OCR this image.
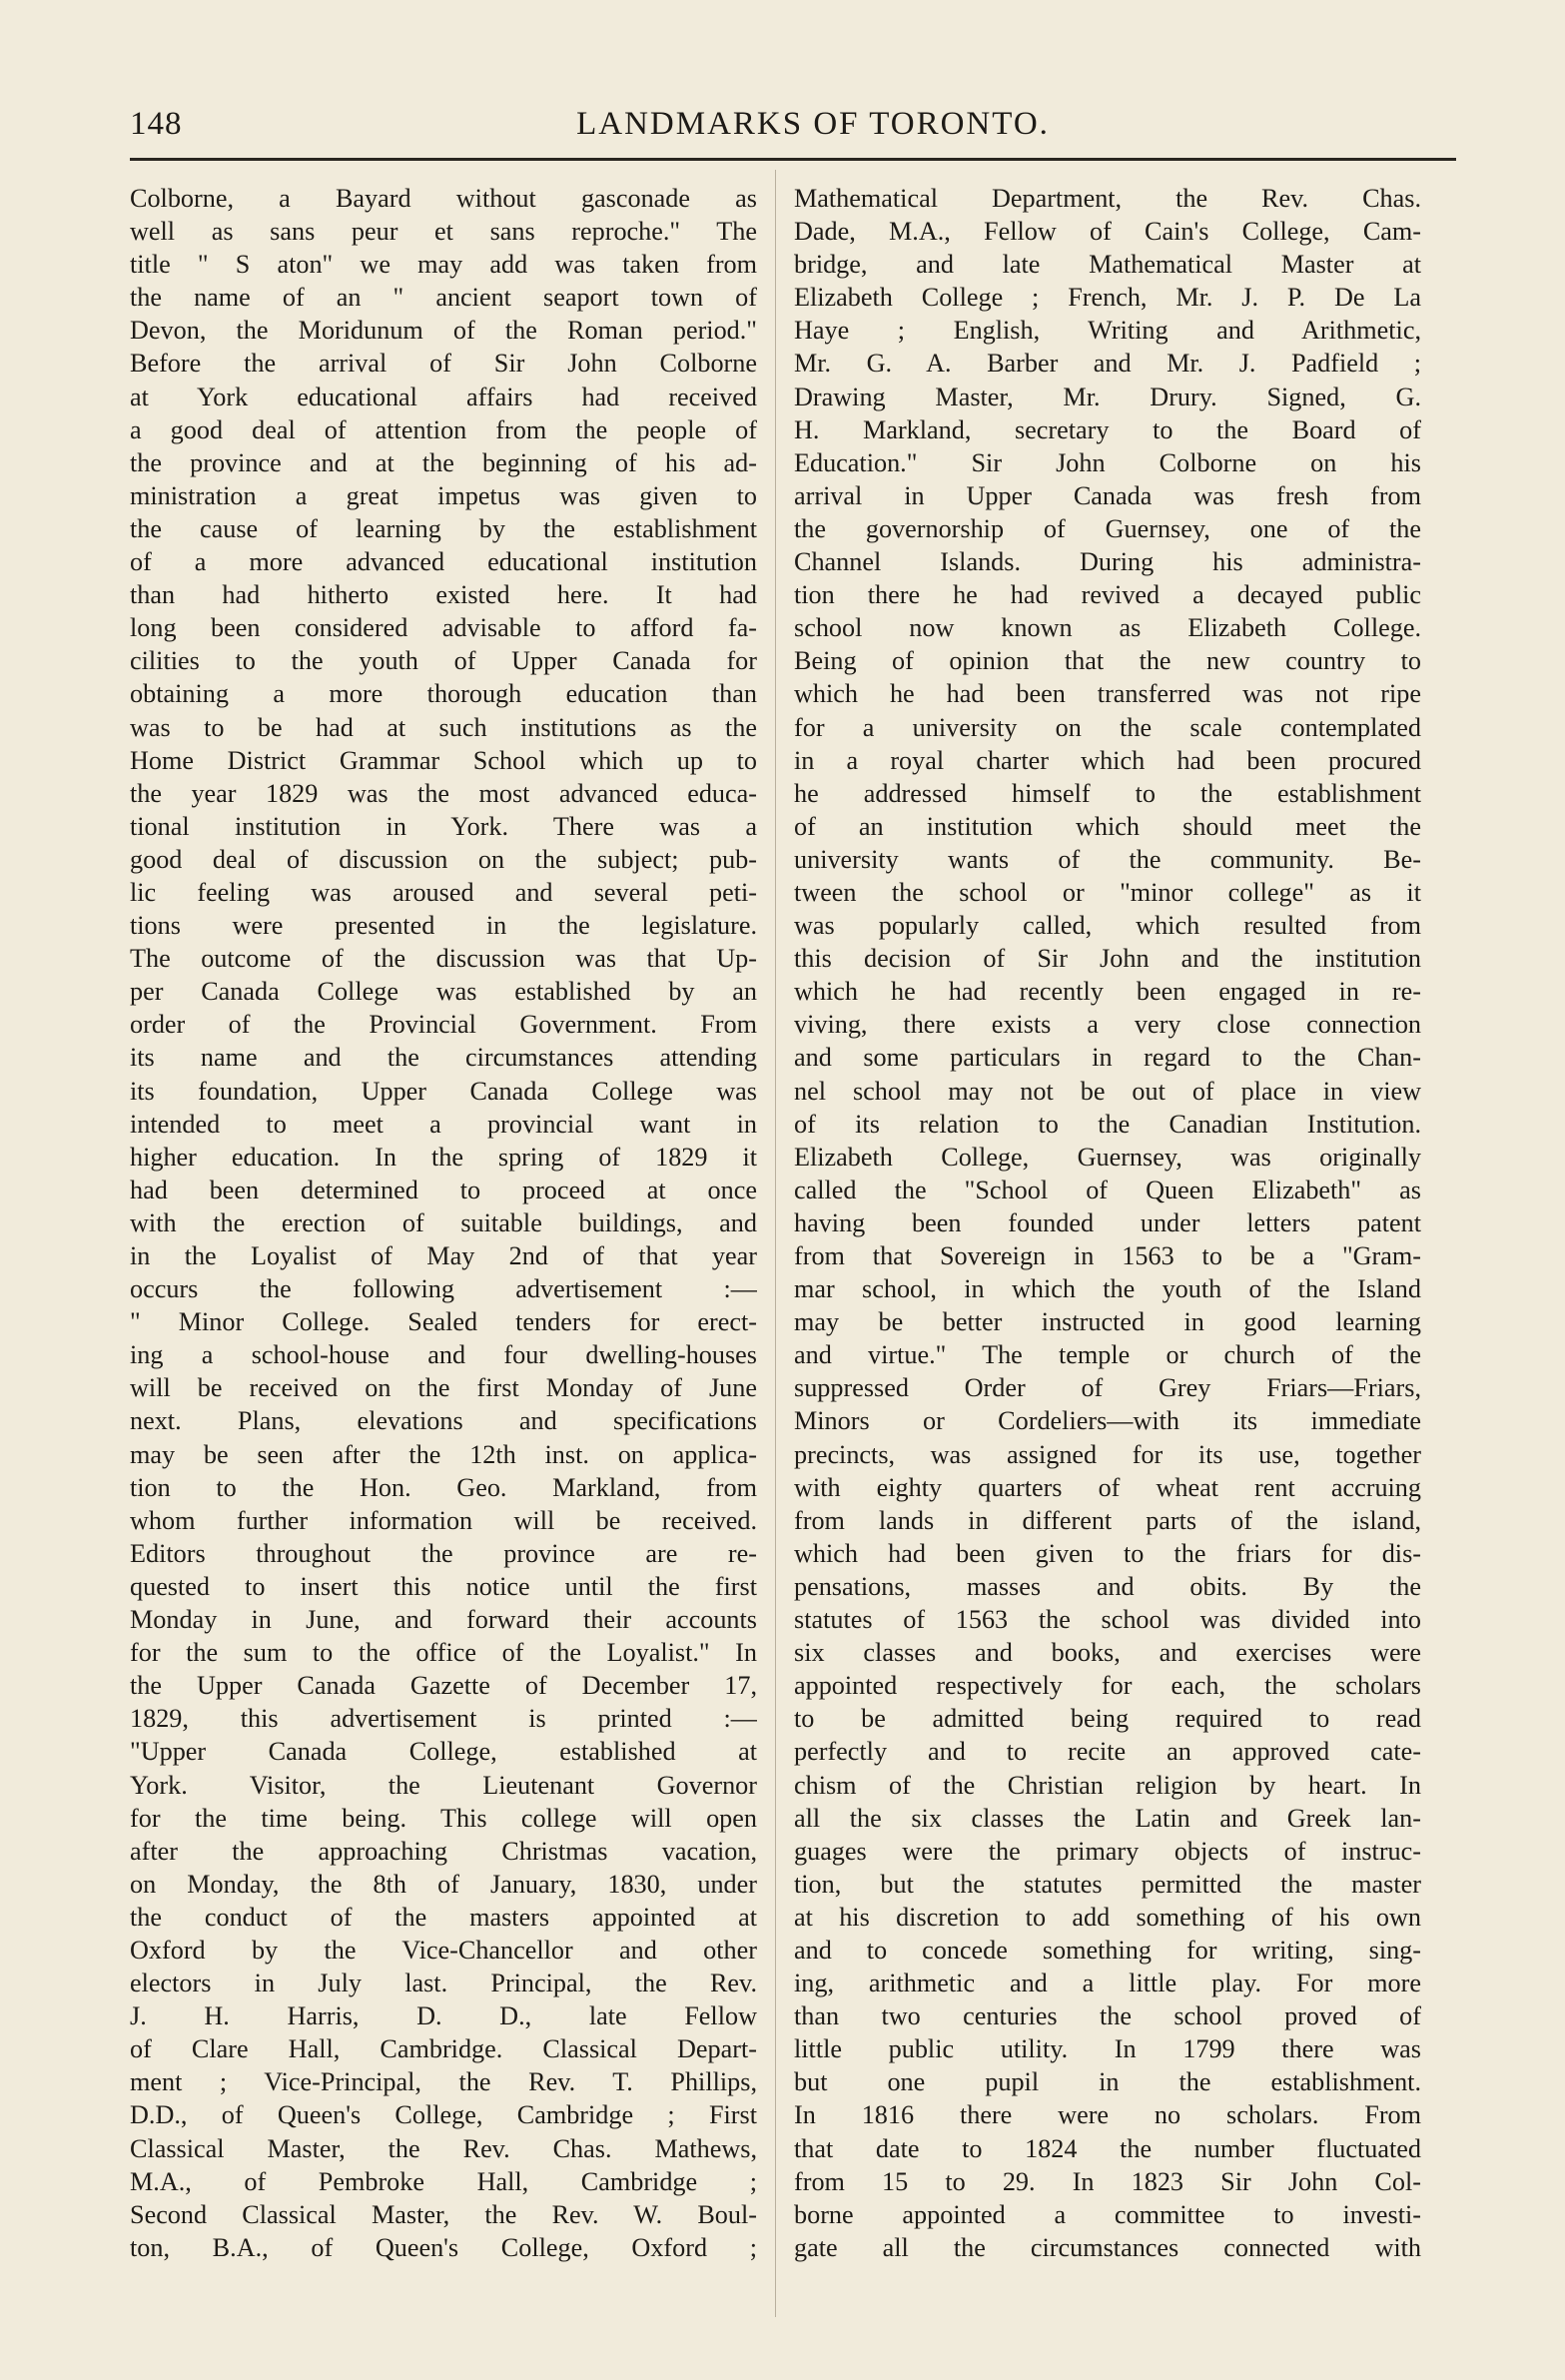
148	LANDMARKS OF TORONTO.
Colborne, a Bayard without gasconade as
well as sans peur et sans reproche." The
title " S aton" we may add was taken from
the name of an " ancient seaport town of
Devon, the Moridunum of the Roman period."
Before the arrival of Sir John Colborne
at York educational affairs had received
a good deal of attention from the people of
the province and at the beginning of his ad-
ministration a great impetus was given to
the cause of learning by the establishment
of a more advanced educational institution
than had hitherto existed here. It had
long been considered advisable to afford fa-
cilities to the youth of Upper Canada for
obtaining a more thorough education than
was to be had at such institutions as the
Home District Grammar School which up to
the year 1829 was the most advanced educa-
tional institution in York. There was a
good deal of discussion on the subject; pub-
lic feeling was aroused and several peti-
tions were presented in the legislature.
The outcome of the discussion was that Up-
per Canada College was established by an
order of the Provincial Government. From
its name and the circumstances attending
its foundation, Upper Canada College was
intended to meet a provincial want in
higher education. In the spring of 1829 it
had been determined to proceed at once
with the erection of suitable buildings, and
in the Loyalist of May 2nd of that year
occurs the following advertisement :—
" Minor College. Sealed tenders for erect-
ing a school-house and four dwelling-houses
will be received on the first Monday of June
next. Plans, elevations and specifications
may be seen after the 12th inst. on applica-
tion to the Hon. Geo. Markland, from
whom further information will be received.
Editors throughout the province are re-
quested to insert this notice until the first
Monday in June, and forward their accounts
for the sum to the office of the Loyalist." In
the Upper Canada Gazette of December 17,
1829, this advertisement is printed :—
"Upper Canada College, established at
York. Visitor, the Lieutenant Governor
for the time being. This college will open
after the approaching Christmas vacation,
on Monday, the 8th of January, 1830, under
the conduct of the masters appointed at
Oxford by the Vice-Chancellor and other
electors in July last. Principal, the Rev.
J. H. Harris, D. D., late Fellow
of Clare Hall, Cambridge. Classical Depart-
ment ; Vice-Principal, the Rev. T. Phillips,
D.D., of Queen's College, Cambridge ; First
Classical Master, the Rev. Chas. Mathews,
M.A., of Pembroke Hall, Cambridge ;
Second Classical Master, the Rev. W. Boul-
ton, B.A., of Queen's College, Oxford ;
Mathematical Department, the Rev. Chas.
Dade, M.A., Fellow of Cain's College, Cam-
bridge, and late Mathematical Master at
Elizabeth College ; French, Mr. J. P. De La
Haye ; English, Writing and Arithmetic,
Mr. G. A. Barber and Mr. J. Padfield ;
Drawing Master, Mr. Drury. Signed, G.
H. Markland, secretary to the Board of
Education." Sir John Colborne on his
arrival in Upper Canada was fresh from
the governorship of Guernsey, one of the
Channel Islands. During his administra-
tion there he had revived a decayed public
school now known as Elizabeth College.
Being of opinion that the new country to
which he had been transferred was not ripe
for a university on the scale contemplated
in a royal charter which had been procured
he addressed himself to the establishment
of an institution which should meet the
university wants of the community. Be-
tween the school or "minor college" as it
was popularly called, which resulted from
this decision of Sir John and the institution
which he had recently been engaged in re-
viving, there exists a very close connection
and some particulars in regard to the Chan-
nel school may not be out of place in view
of its relation to the Canadian Institution.
Elizabeth College, Guernsey, was originally
called the "School of Queen Elizabeth" as
having been founded under letters patent
from that Sovereign in 1563 to be a "Gram-
mar school, in which the youth of the Island
may be better instructed in good learning
and virtue." The temple or church of the
suppressed Order of Grey Friars—Friars,
Minors or Cordeliers—with its immediate
precincts, was assigned for its use, together
with eighty quarters of wheat rent accruing
from lands in different parts of the island,
which had been given to the friars for dis-
pensations, masses and obits. By the
statutes of 1563 the school was divided into
six classes and books, and exercises were
appointed respectively for each, the scholars
to be admitted being required to read
perfectly and to recite an approved cate-
chism of the Christian religion by heart. In
all the six classes the Latin and Greek lan-
guages were the primary objects of instruc-
tion, but the statutes permitted the master
at his discretion to add something of his own
and to concede something for writing, sing-
ing, arithmetic and a little play. For more
than two centuries the school proved of
little public utility. In 1799 there was
but one pupil in the establishment.
In 1816 there were no scholars. From
that date to 1824 the number fluctuated
from 15 to 29. In 1823 Sir John Col-
borne appointed a committee to investi-
gate all the circumstances connected with
